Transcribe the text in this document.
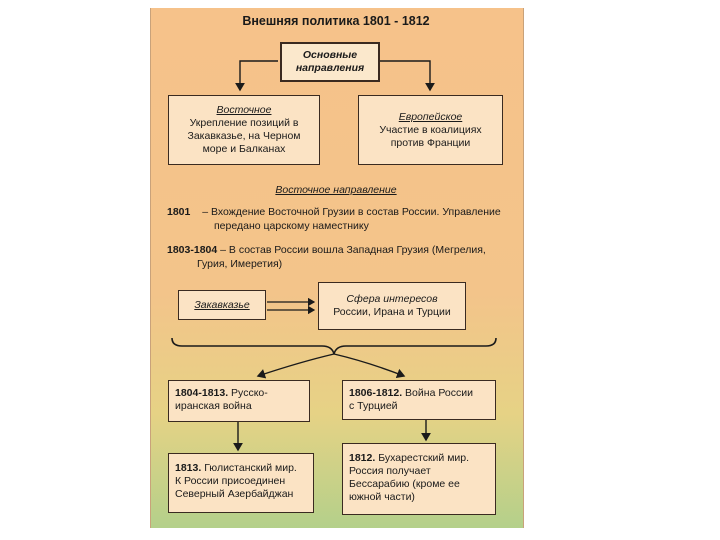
Внешняя политика 1801 - 1812
Основные
направления
Восточное
Укрепление позиций в
Закавказье, на Черном
море и Балканах
Европейское
Участие в коалициях
против Франции
Восточное направление
1801 – Вхождение Восточной Грузии в состав России. Управление
передано царскому наместнику
1803-1804 – В состав России вошла Западная Грузия (Мегрелия,
Гурия, Имеретия)
Закавказье	Сфера интересов
России, Ирана и Турции
1804-1813. Русско-
иранская война
1806-1812. Война России
с Турцией
1813. Гюлистанский мир.
К России присоединен
Северный Азербайджан
1812. Бухарестский мир.
Россия получает
Бессарабию (кроме ее
южной части)
